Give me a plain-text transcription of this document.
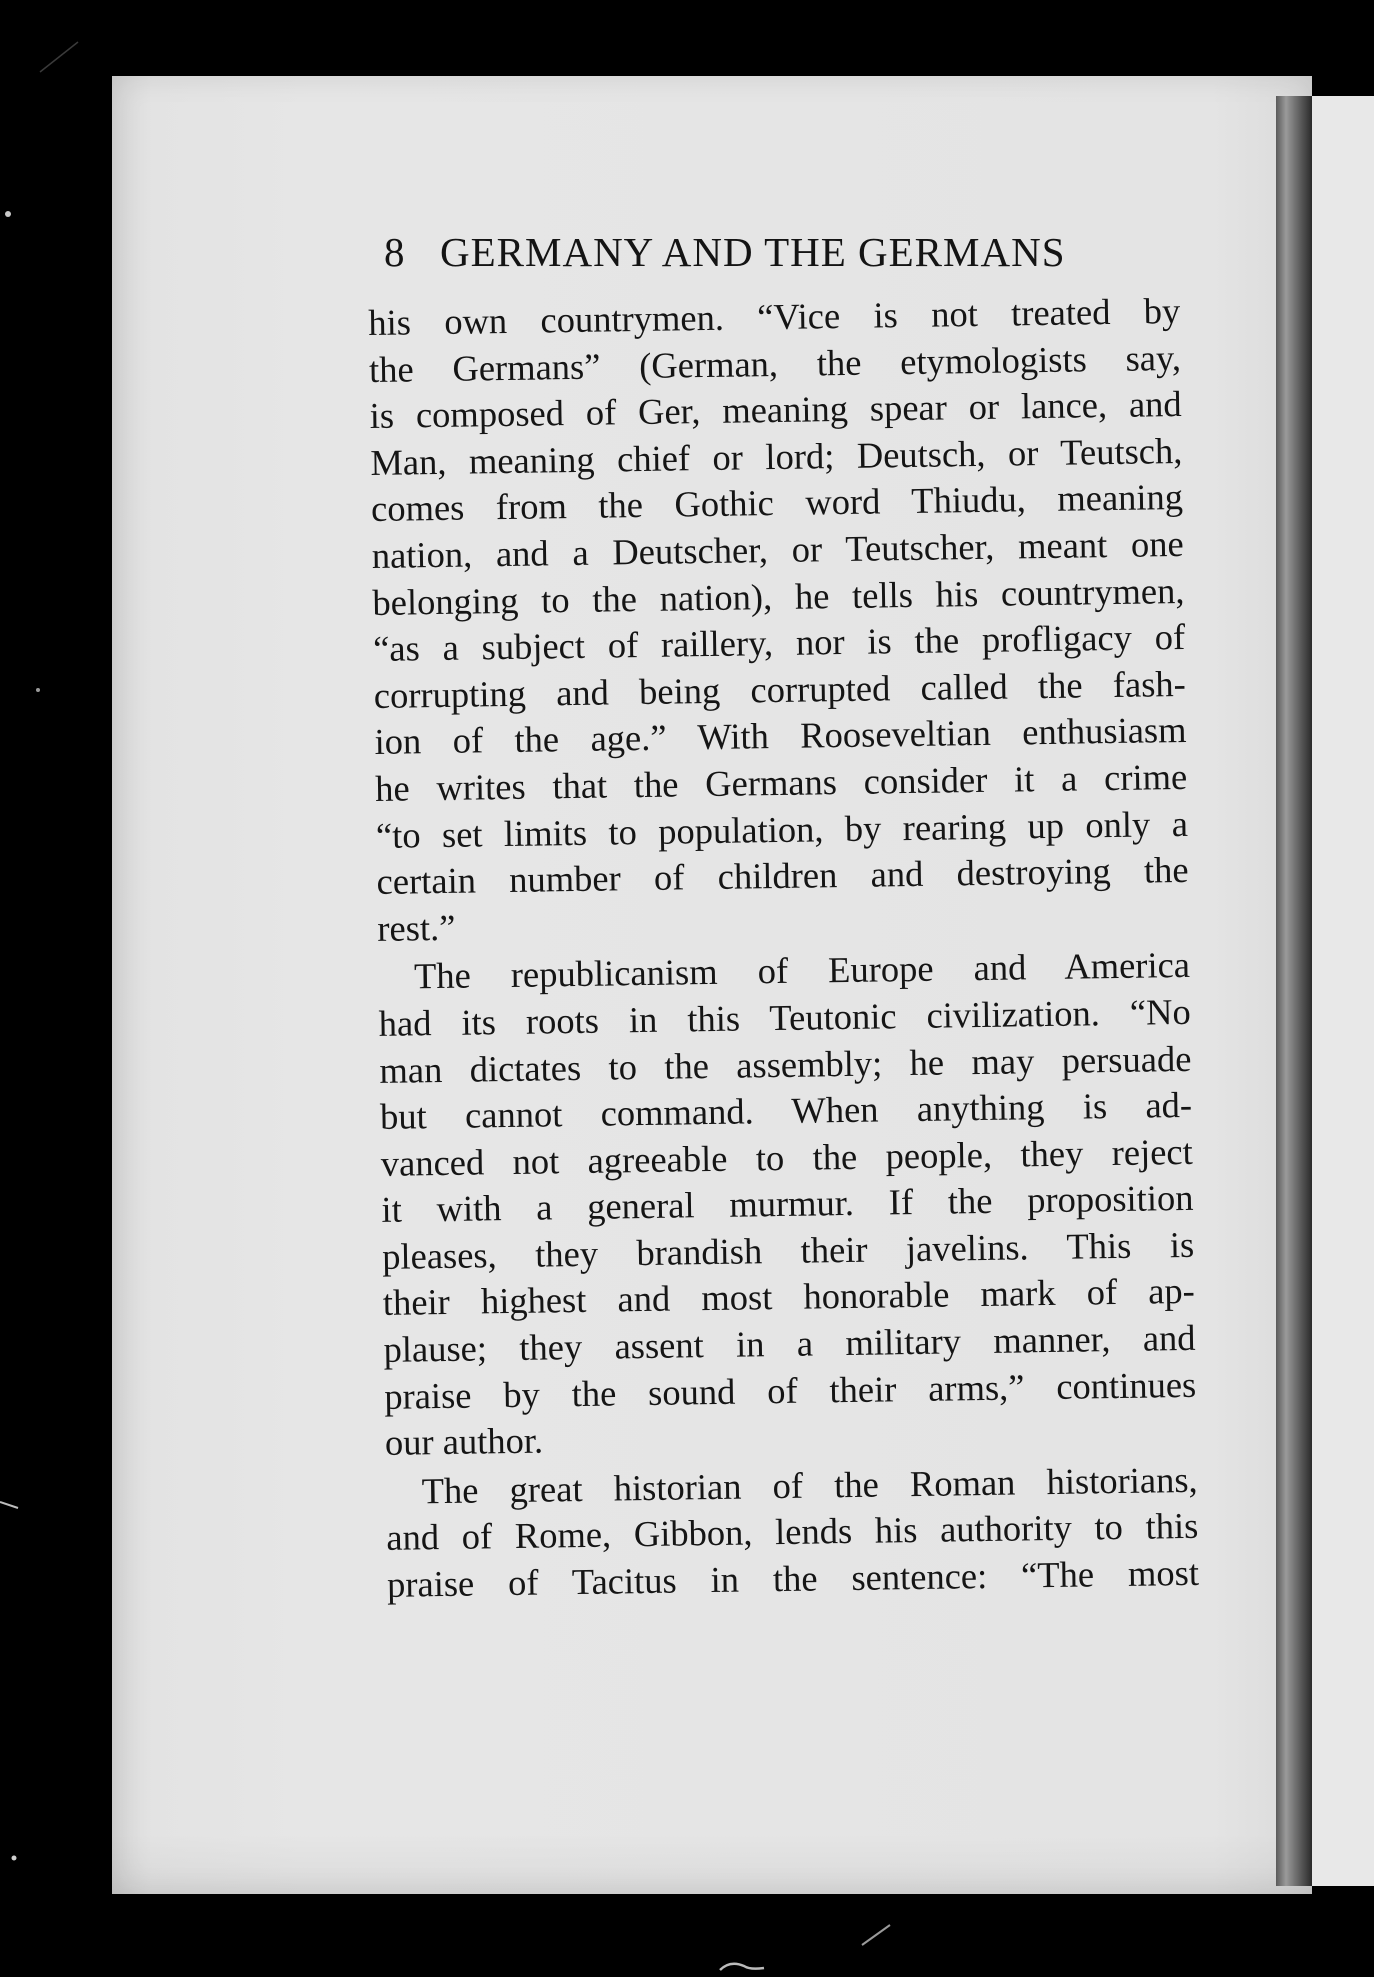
8 GERMANY AND THE GERMANS
his own countrymen. “Vice is not treated by
the Germans” (German, the etymologists say,
is composed of Ger, meaning spear or lance, and
Man, meaning chief or lord; Deutsch, or Teutsch,
comes from the Gothic word Thiudu, meaning
nation, and a Deutscher, or Teutscher, meant one
belonging to the nation), he tells his countrymen,
“as a subject of raillery, nor is the profligacy of
corrupting and being corrupted called the fash-
ion of the age.” With Rooseveltian enthusiasm
he writes that the Germans consider it a crime
“to set limits to population, by rearing up only a
certain number of children and destroying the
rest.”
The republicanism of Europe and America
had its roots in this Teutonic civilization. “No
man dictates to the assembly; he may persuade
but cannot command. When anything is ad-
vanced not agreeable to the people, they reject
it with a general murmur. If the proposition
pleases, they brandish their javelins. This is
their highest and most honorable mark of ap-
plause; they assent in a military manner, and
praise by the sound of their arms,” continues
our author.
The great historian of the Roman historians,
and of Rome, Gibbon, lends his authority to this
praise of Tacitus in the sentence: “The most
